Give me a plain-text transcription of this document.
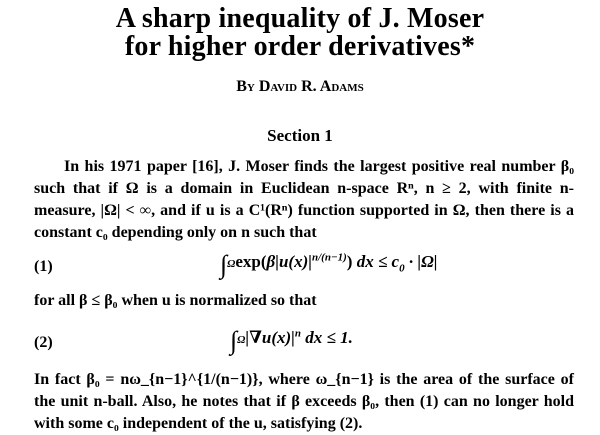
A sharp inequality of J. Moser
for higher order derivatives*
By David R. Adams
Section 1
In his 1971 paper [16], J. Moser finds the largest positive real number β₀ such that if Ω is a domain in Euclidean n-space Rⁿ, n ≥ 2, with finite n-measure, |Ω| < ∞, and if u is a C¹(Rⁿ) function supported in Ω, then there is a constant c₀ depending only on n such that
(1)	$\int\Omega\exp(\beta|u(x)|^{n/(n-1)})$ dx ≤ $c_0 \cdot |\Omega|$
for all β ≤ β₀ when u is normalized so that
(2)	$\int\Omega|\nabla u(x)|^n$ dx ≤ 1.
In fact β₀ = nω_{n−1}^{1/(n−1)}, where ω_{n−1} is the area of the surface of the unit n-ball. Also, he notes that if β exceeds β₀, then (1) can no longer hold with some c₀ independent of the u, satisfying (2).
